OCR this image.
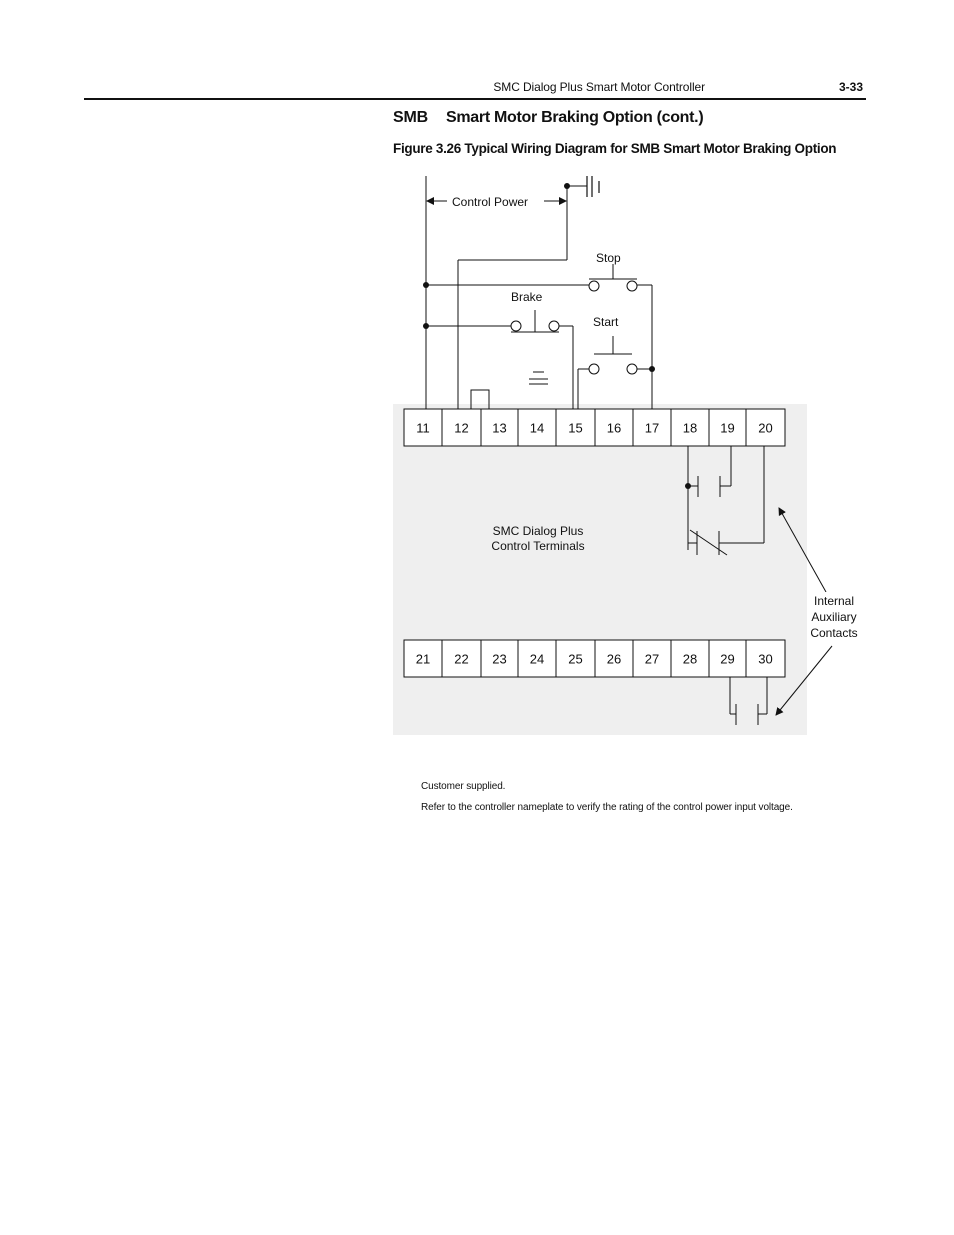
SMC Dialog Plus Smart Motor Controller	3-33
SMB Smart Motor Braking Option (cont.)
Figure 3.26 Typical Wiring Diagram for SMB Smart Motor Braking Option
11 12 13 14 15 16 17 18 19 20
21 22 23 24 25 26 27 28 29 30
Control Power
Stop
Brake
Start
SMC Dialog Plus
Control Terminals
Internal
Auxiliary
Contacts
Customer supplied.
Refer to the controller nameplate to verify the rating of the control power input voltage.
